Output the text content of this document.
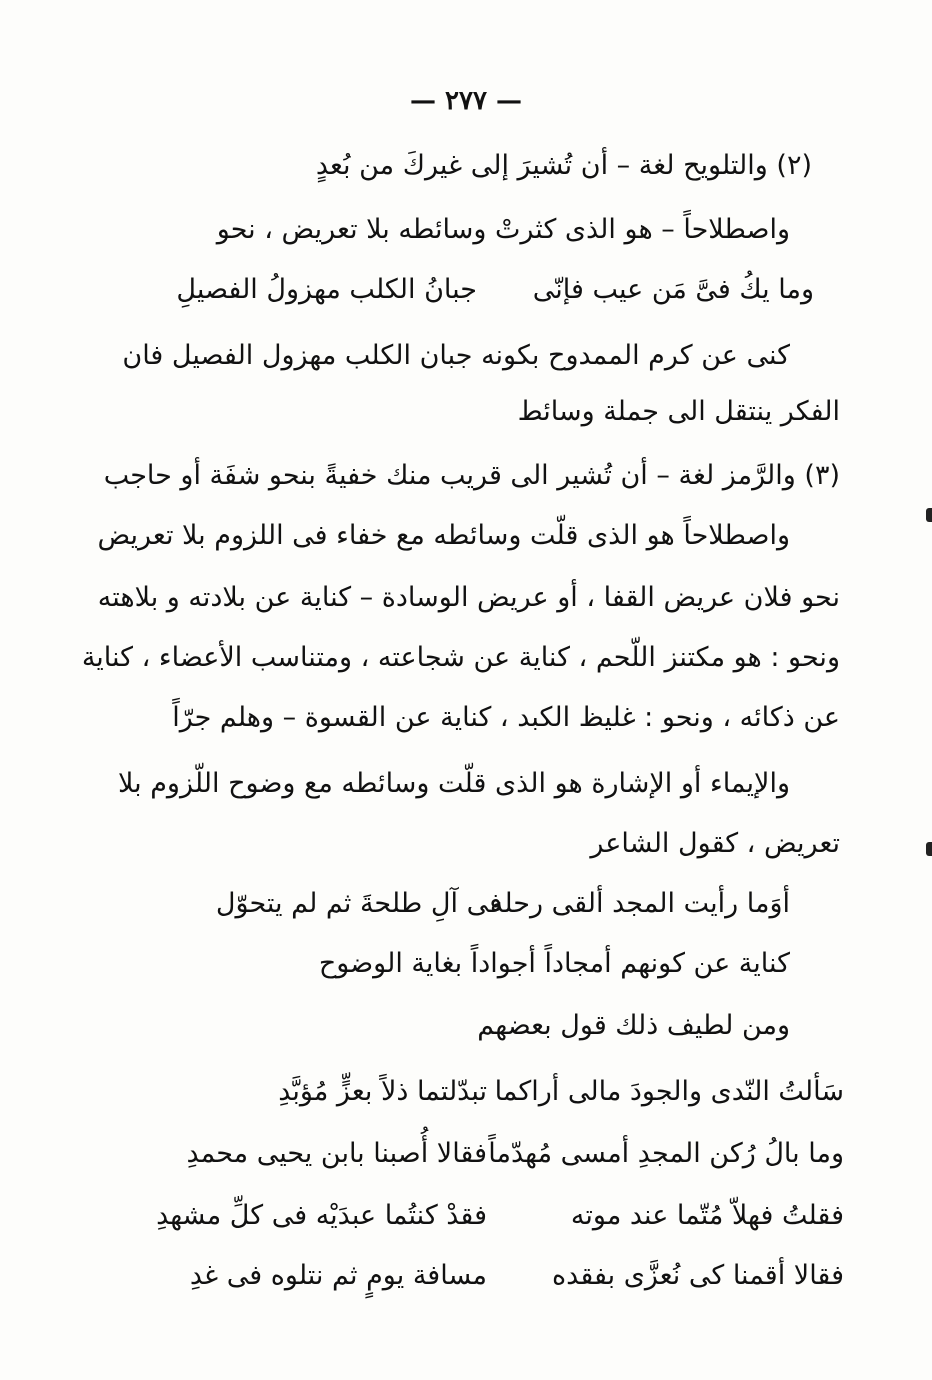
— ٢٧٧ —
(٢) والتلويح لغة – أن تُشيرَ إلى غيركَ من بُعدٍ
واصطلاحاً – هو الذى كثرتْ وسائطه بلا تعريض ، نحو
وما يكُ فىَّ مَن عيب فإنّى
جبانُ الكلب مهزولُ الفصيلِ
كنى عن كرم الممدوح بكونه جبان الكلب مهزول الفصيل فان
الفكر ينتقل الى جملة وسائط
(٣) والرَّمز لغة – أن تُشير الى قريب منك خفيةً بنحو شفَة أو حاجب
واصطلاحاً هو الذى قلّت وسائطه مع خفاء فى اللزوم بلا تعريض
نحو فلان عريض القفا ، أو عريض الوسادة – كناية عن بلادته و بلاهته
ونحو : هو مكتنز اللّحم ، كناية عن شجاعته ، ومتناسب الأعضاء ، كناية
عن ذكائه ، ونحو : غليظ الكبد ، كناية عن القسوة – وهلم جرّاً
والإيماء أو الإشارة هو الذى قلّت وسائطه مع وضوح اللّزوم بلا
تعريض ، كقول الشاعر
أوَما رأيت المجد ألقى رحله
فى آلِ طلحةَ ثم لم يتحوّل
كناية عن كونهم أمجاداً أجواداً بغاية الوضوح
ومن لطيف ذلك قول بعضهم
سَألتُ النّدى والجودَ مالى أراكما
تبدّلتما ذلاً بعزٍّ مُؤبَّدِ
وما بالُ رُكن المجدِ أمسى مُهدّماً
فقالا أُصبنا بابن يحيى محمدِ
فقلتُ فهلاّ مُتّما عند موته
فقدْ كنتُما عبدَيْه فى كلِّ مشهدِ
فقالا أقمنا كى نُعزَّى بفقده
مسافة يومٍ ثم نتلوه فى غدِ
